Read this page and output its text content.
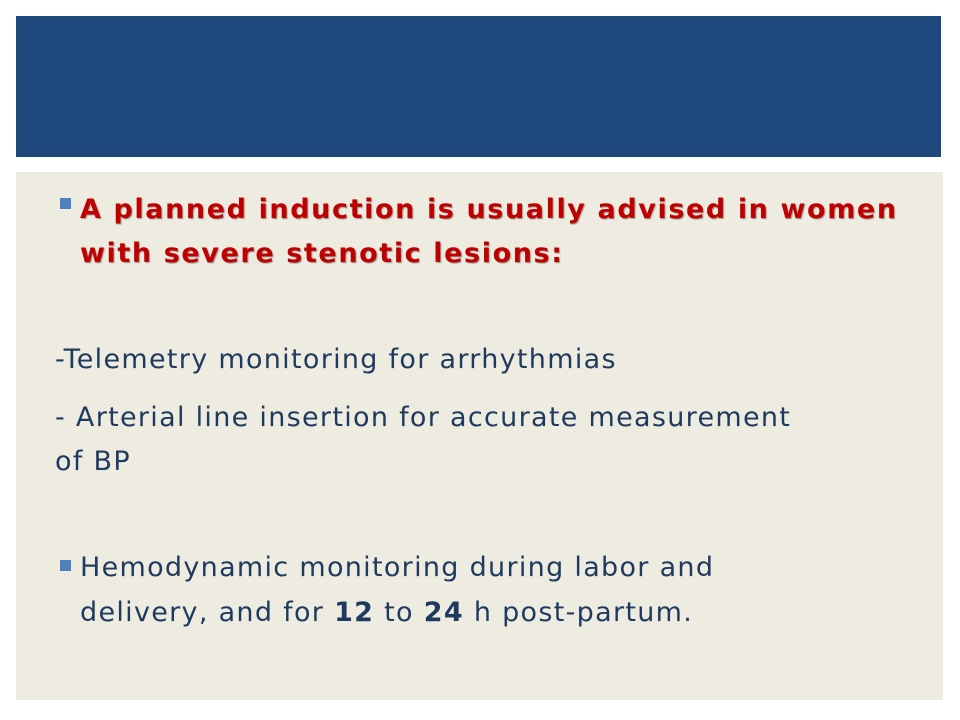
A planned induction is usually advised in women
with severe stenotic lesions:
-Telemetry monitoring for arrhythmias
- Arterial line insertion for accurate measurement
of BP
Hemodynamic monitoring during labor and
delivery, and for 12 to 24 h post-partum.
